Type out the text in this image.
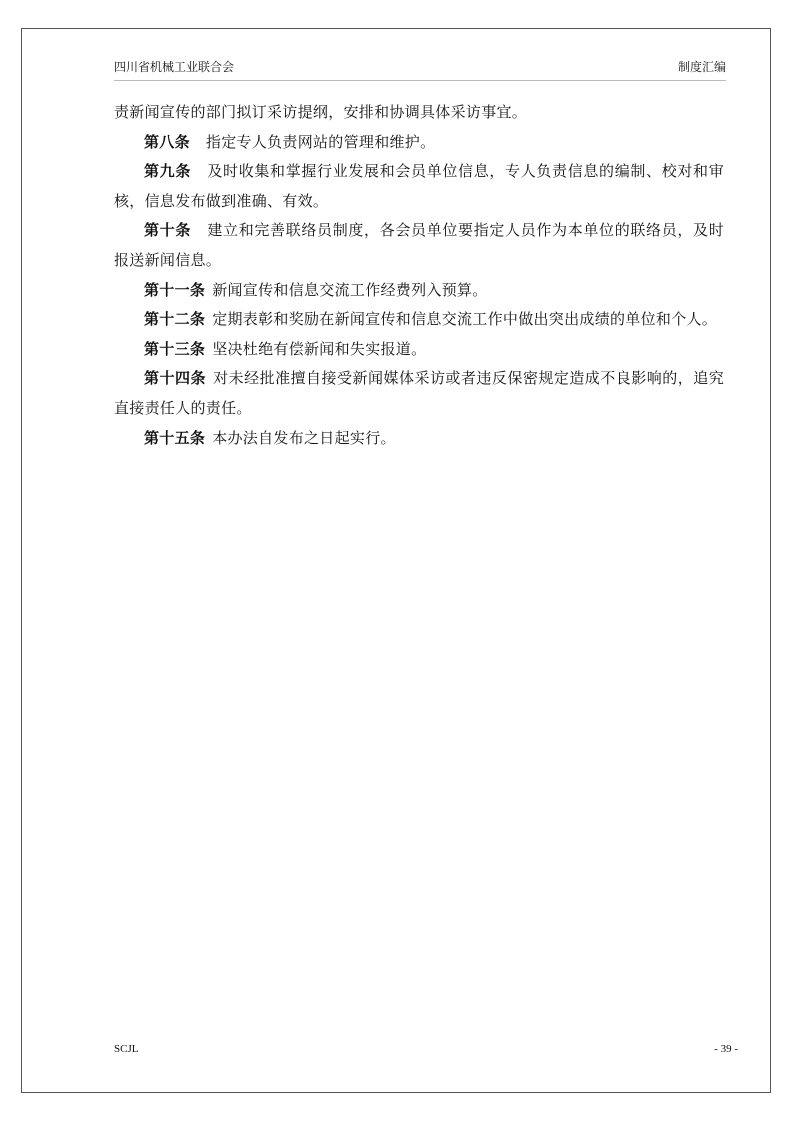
四川省机械工业联合会	制度汇编

责新闻宣传的部门拟订采访提纲，安排和协调具体采访事宜。

第八条 指定专人负责网站的管理和维护。

第九条 及时收集和掌握行业发展和会员单位信息，专人负责信息的编制、校对和审核，信息发布做到准确、有效。

第十条 建立和完善联络员制度，各会员单位要指定人员作为本单位的联络员，及时报送新闻信息。

第十一条 新闻宣传和信息交流工作经费列入预算。

第十二条 定期表彰和奖励在新闻宣传和信息交流工作中做出突出成绩的单位和个人。

第十三条 坚决杜绝有偿新闻和失实报道。

第十四条 对未经批准擅自接受新闻媒体采访或者违反保密规定造成不良影响的，追究直接责任人的责任。

第十五条 本办法自发布之日起实行。

SCJL	- 39 -
